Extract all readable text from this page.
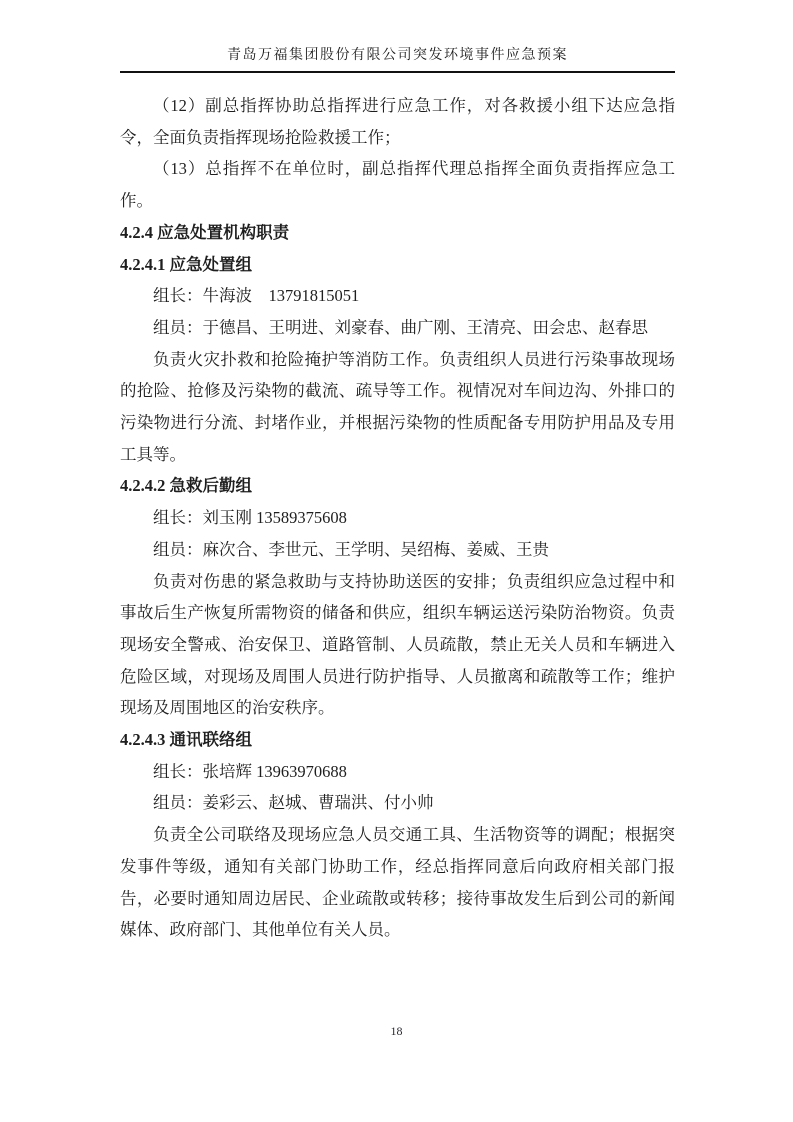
青岛万福集团股份有限公司突发环境事件应急预案

（12）副总指挥协助总指挥进行应急工作，对各救援小组下达应急指令，全面负责指挥现场抢险救援工作；

（13）总指挥不在单位时，副总指挥代理总指挥全面负责指挥应急工作。

4.2.4 应急处置机构职责
4.2.4.1 应急处置组

组长：牛海波　13791815051

组员：于德昌、王明进、刘豪春、曲广刚、王清亮、田会忠、赵春思

负责火灾扑救和抢险掩护等消防工作。负责组织人员进行污染事故现场的抢险、抢修及污染物的截流、疏导等工作。视情况对车间边沟、外排口的污染物进行分流、封堵作业，并根据污染物的性质配备专用防护用品及专用工具等。

4.2.4.2 急救后勤组

组长：刘玉刚 13589375608

组员：麻次合、李世元、王学明、吴绍梅、姜威、王贵

负责对伤患的紧急救助与支持协助送医的安排；负责组织应急过程中和事故后生产恢复所需物资的储备和供应，组织车辆运送污染防治物资。负责现场安全警戒、治安保卫、道路管制、人员疏散，禁止无关人员和车辆进入危险区域，对现场及周围人员进行防护指导、人员撤离和疏散等工作；维护现场及周围地区的治安秩序。

4.2.4.3 通讯联络组

组长：张培辉 13963970688

组员：姜彩云、赵城、曹瑞洪、付小帅

负责全公司联络及现场应急人员交通工具、生活物资等的调配；根据突发事件等级，通知有关部门协助工作，经总指挥同意后向政府相关部门报告，必要时通知周边居民、企业疏散或转移；接待事故发生后到公司的新闻媒体、政府部门、其他单位有关人员。

18
